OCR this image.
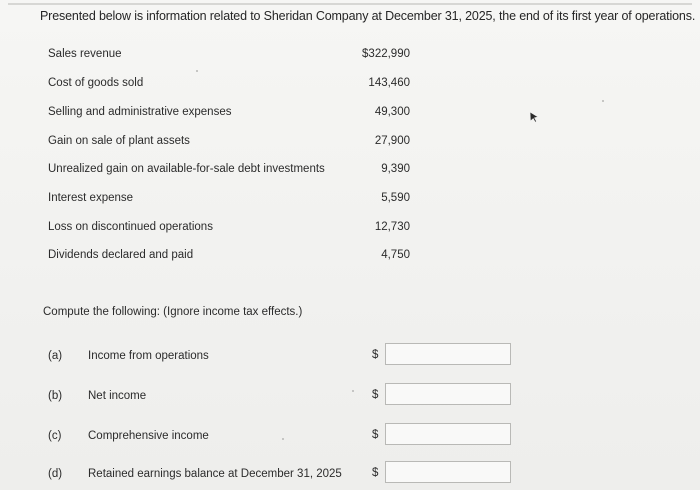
Presented below is information related to Sheridan Company at December 31, 2025, the end of its first year of operations.
Sales revenue	$322,990
Cost of goods sold	143,460
Selling and administrative expenses	49,300
Gain on sale of plant assets	27,900
Unrealized gain on available-for-sale debt investments	9,390
Interest expense	5,590
Loss on discontinued operations	12,730
Dividends declared and paid	4,750
Compute the following: (Ignore income tax effects.)
(a) Income from operations	$
(b) Net income	$
(c) Comprehensive income	$
(d) Retained earnings balance at December 31, 2025	$
